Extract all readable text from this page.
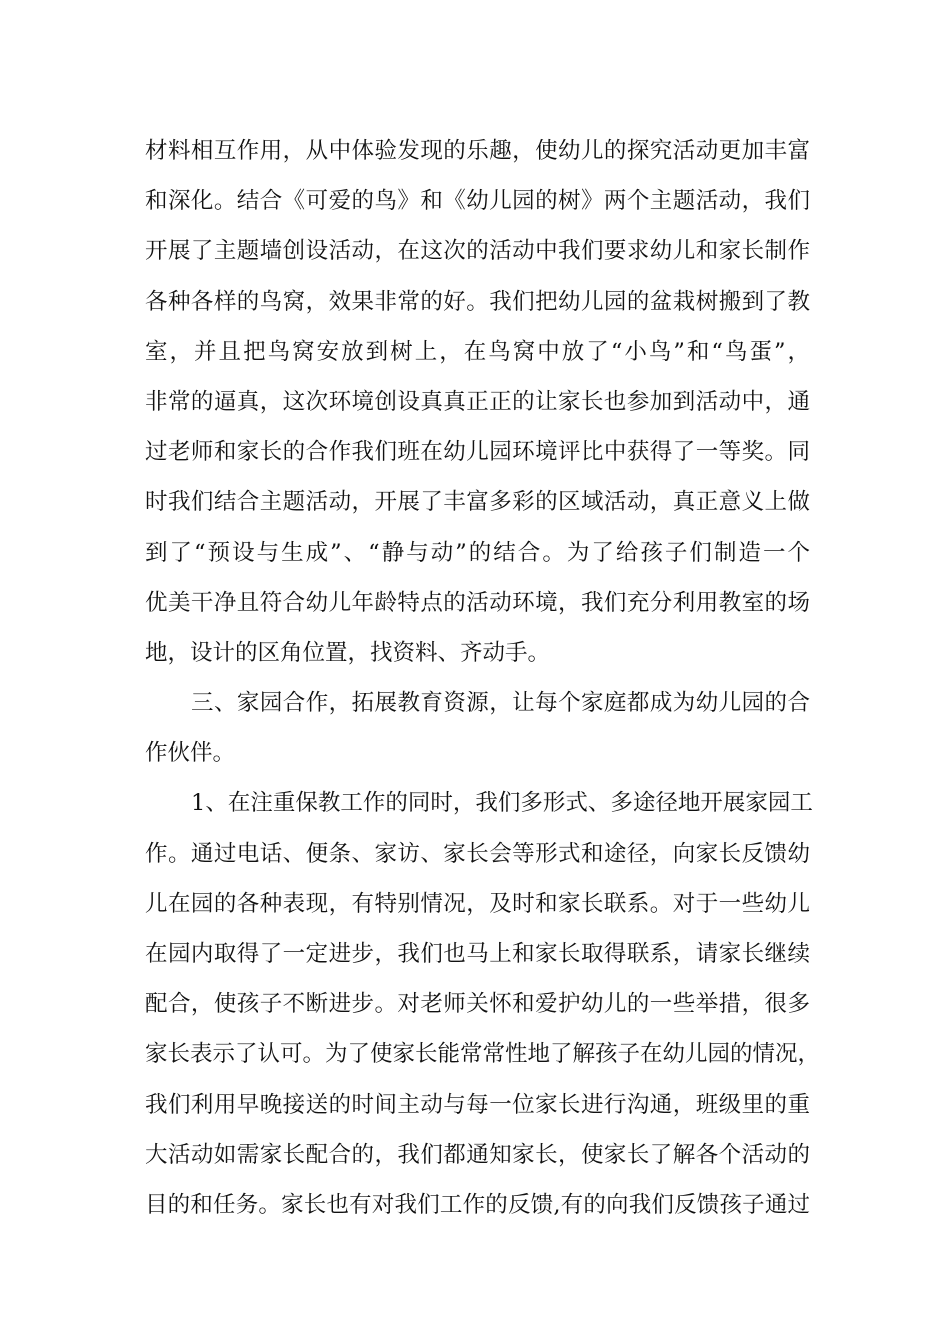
材料相互作用，从中体验发现的乐趣，使幼儿的探究活动更加丰富
和深化。结合《可爱的鸟》和《幼儿园的树》两个主题活动，我们
开展了主题墙创设活动，在这次的活动中我们要求幼儿和家长制作
各种各样的鸟窝，效果非常的好。我们把幼儿园的盆栽树搬到了教
室，并且把鸟窝安放到树上，在鸟窝中放了“小鸟”和“鸟蛋”，
非常的逼真，这次环境创设真真正正的让家长也参加到活动中，通
过老师和家长的合作我们班在幼儿园环境评比中获得了一等奖。同
时我们结合主题活动，开展了丰富多彩的区域活动，真正意义上做
到了“预设与生成”、“静与动”的结合。为了给孩子们制造一个
优美干净且符合幼儿年龄特点的活动环境，我们充分利用教室的场
地，设计的区角位置，找资料、齐动手。
三、家园合作，拓展教育资源，让每个家庭都成为幼儿园的合
作伙伴。
1、在注重保教工作的同时，我们多形式、多途径地开展家园工
作。通过电话、便条、家访、家长会等形式和途径，向家长反馈幼
儿在园的各种表现，有特别情况，及时和家长联系。对于一些幼儿
在园内取得了一定进步，我们也马上和家长取得联系，请家长继续
配合，使孩子不断进步。对老师关怀和爱护幼儿的一些举措，很多
家长表示了认可。为了使家长能常常性地了解孩子在幼儿园的情况，
我们利用早晚接送的时间主动与每一位家长进行沟通，班级里的重
大活动如需家长配合的，我们都通知家长，使家长了解各个活动的
目的和任务。家长也有对我们工作的反馈,有的向我们反馈孩子通过
